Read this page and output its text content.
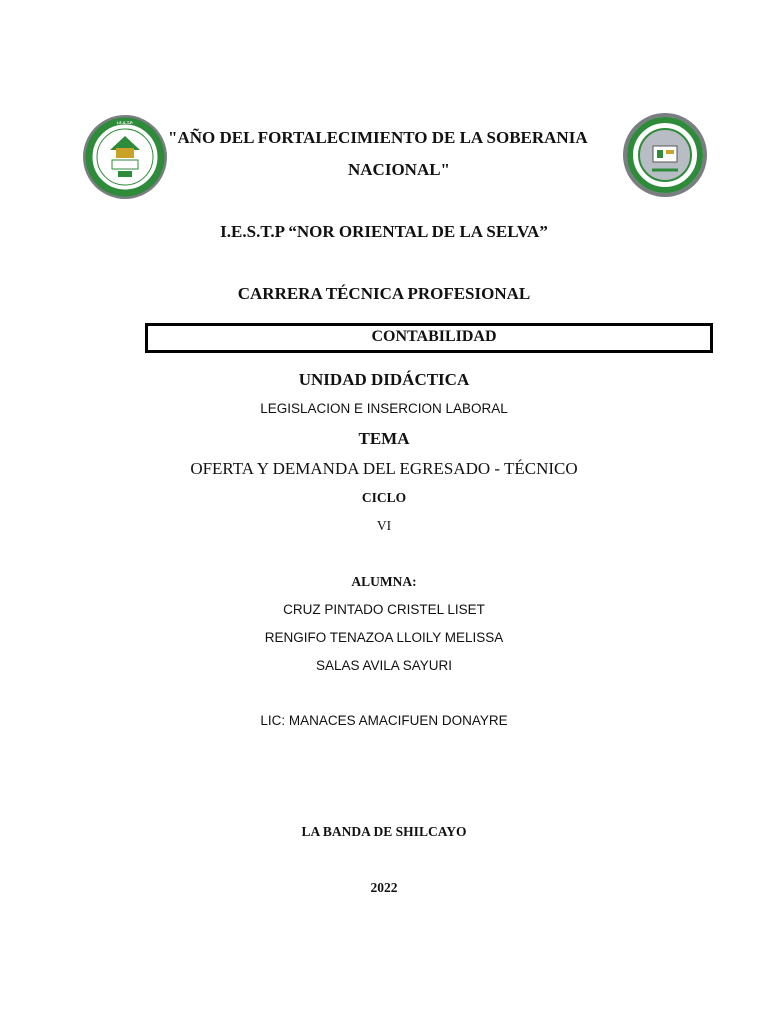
I.E.S.T.P.
"AÑO DEL FORTALECIMIENTO DE LA SOBERANIA
NACIONAL"
I.E.S.T.P “NOR ORIENTAL DE LA SELVA”
CARRERA TÉCNICA PROFESIONAL
CONTABILIDAD
UNIDAD DIDÁCTICA
LEGISLACION E INSERCION LABORAL
TEMA
OFERTA Y DEMANDA DEL EGRESADO - TÉCNICO
CICLO
VI
ALUMNA:
CRUZ PINTADO CRISTEL LISET
RENGIFO TENAZOA LLOILY MELISSA
SALAS AVILA SAYURI
LIC: MANACES AMACIFUEN DONAYRE
LA BANDA DE SHILCAYO
2022
